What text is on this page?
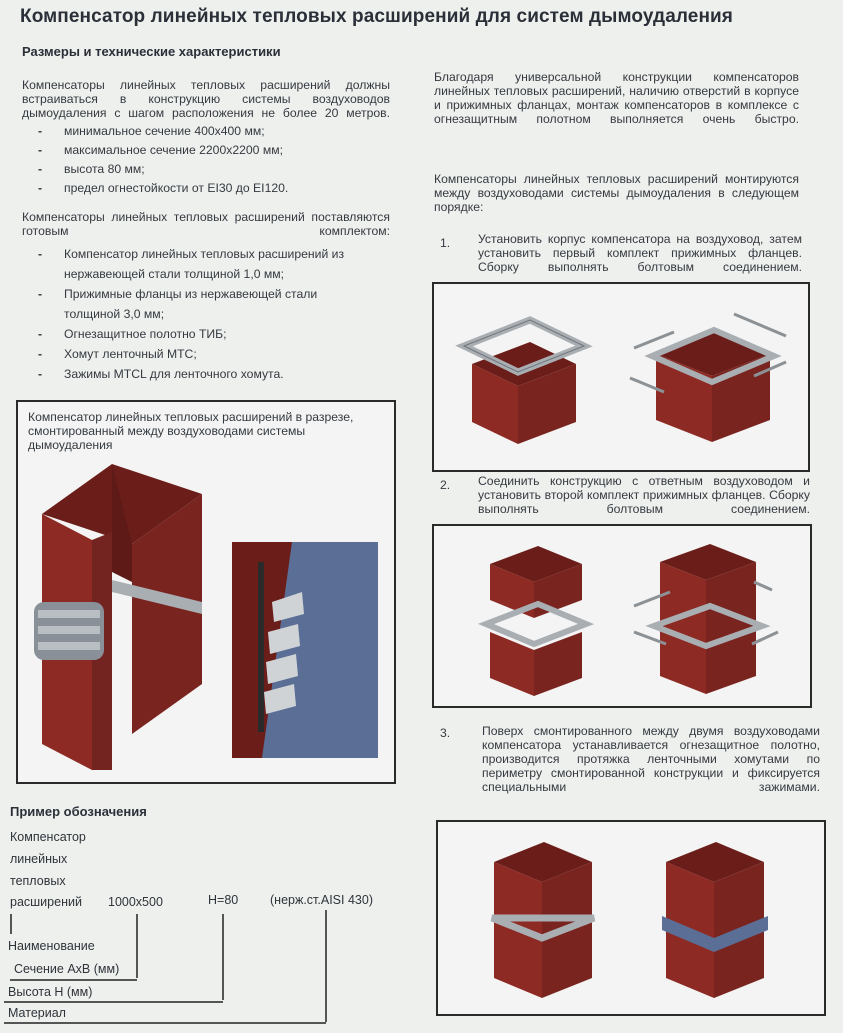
Компенсатор линейных тепловых расширений для систем дымоудаления
Размеры и технические характеристики
Компенсаторы линейных тепловых расширений должны встраиваться в конструкцию системы воздуховодов дымоудаления с шагом расположения не более 20 метров.
- минимальное сечение 400х400 мм;
- максимальное сечение 2200х2200 мм;
- высота 80 мм;
- предел огнестойкости от EI30 до EI120.
Компенсаторы линейных тепловых расширений поставляются готовым комплектом:
- Компенсатор линейных тепловых расширений из нержавеющей стали толщиной 1,0 мм;
- Прижимные фланцы из нержавеющей стали толщиной 3,0 мм;
- Огнезащитное полотно ТИБ;
- Хомут ленточный МТС;
- Зажимы MTCL для ленточного хомута.
Благодаря универсальной конструкции компенсаторов линейных тепловых расширений, наличию отверстий в корпусе и прижимных фланцах, монтаж компенсаторов в комплексе с огнезащитным полотном выполняется очень быстро.
Компенсаторы линейных тепловых расширений монтируются между воздуховодами системы дымоудаления в следующем порядке:
1. Установить корпус компенсатора на воздуховод, затем установить первый комплект прижимных фланцев. Сборку выполнять болтовым соединением.
2. Соединить конструкцию с ответным воздуховодом и установить второй комплект прижимных фланцев. Сборку выполнять болтовым соединением.
3.	Поверх смонтированного между двумя воздуховодами компенсатора устанавливается огнезащитное полотно, производится протяжка ленточными хомутами по периметру смонтированной конструкции и фиксируется специальными зажимами.
Компенсатор линейных тепловых расширений в разрезе, смонтированный между воздуховодами системы дымоудаления
Пример обозначения
Компенсатор
линейных
тепловых
расширений 1000х500	H=80	(нерж.ст.AISI 430)
Наименование
Сечение АхВ (мм)
Высота Н (мм)
Материал
